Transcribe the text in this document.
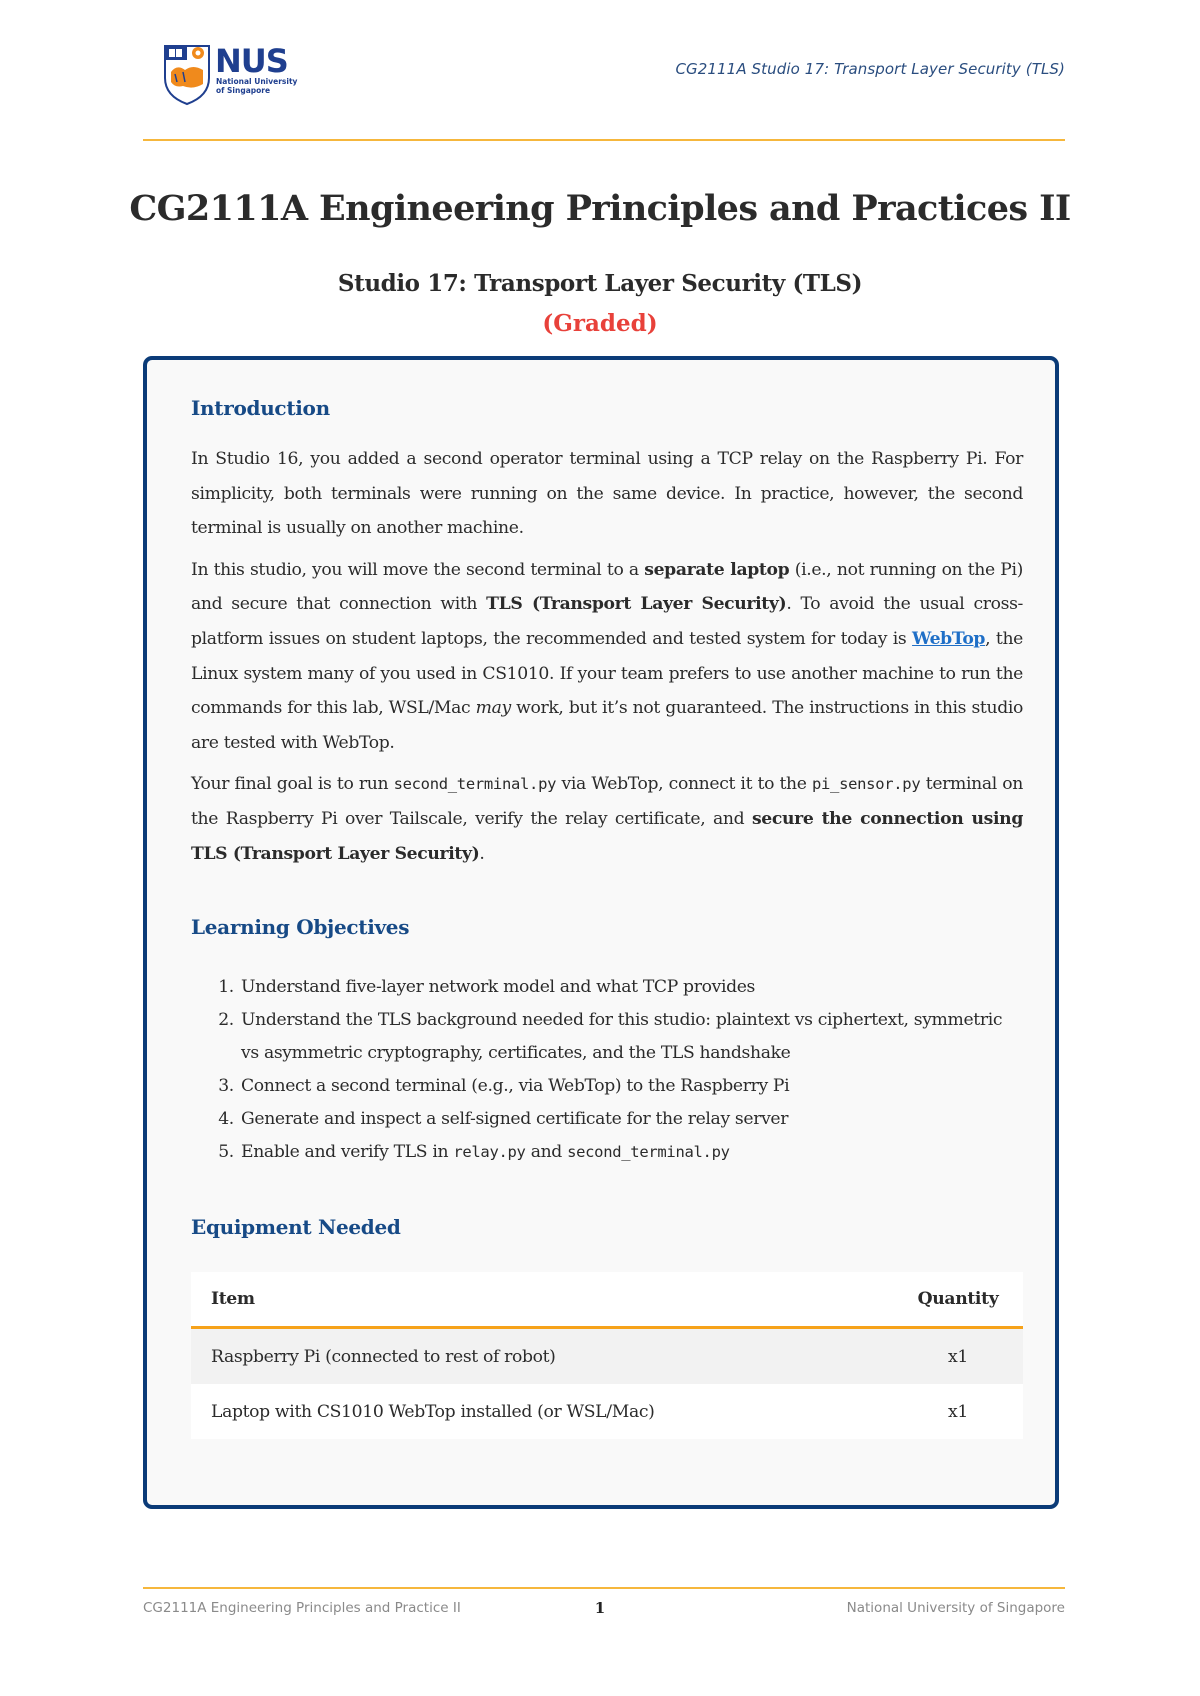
NUS
National University
of Singapore
CG2111A Studio 17: Transport Layer Security (TLS)
CG2111A Engineering Principles and Practices II
Studio 17: Transport Layer Security (TLS)
(Graded)
Introduction

In Studio 16, you added a second operator terminal using a TCP relay on the Raspberry Pi. For simplicity, both terminals were running on the same device. In practice, however, the second terminal is usually on another machine.

In this studio, you will move the second terminal to a separate laptop (i.e., not running on the Pi) and secure that connection with TLS (Transport Layer Security). To avoid the usual cross-platform issues on student laptops, the recommended and tested system for today is WebTop, the Linux system many of you used in CS1010. If your team prefers to use another machine to run the commands for this lab, WSL/Mac may work, but it’s not guaranteed. The instructions in this studio are tested with WebTop.

Your final goal is to run second_terminal.py via WebTop, connect it to the pi_sensor.py terminal on the Raspberry Pi over Tailscale, verify the relay certificate, and secure the connection using TLS (Transport Layer Security).

Learning Objectives
1. Understand five-layer network model and what TCP provides
2. Understand the TLS background needed for this studio: plaintext vs ciphertext, symmetric vs asymmetric cryptography, certificates, and the TLS handshake
3. Connect a second terminal (e.g., via WebTop) to the Raspberry Pi
4. Generate and inspect a self-signed certificate for the relay server
5. Enable and verify TLS in relay.py and second_terminal.py
Equipment Needed
Item	Quantity
Raspberry Pi (connected to rest of robot)	x1
Laptop with CS1010 WebTop installed (or WSL/Mac)	x1
CG2111A Engineering Principles and Practice II	1	National University of Singapore
